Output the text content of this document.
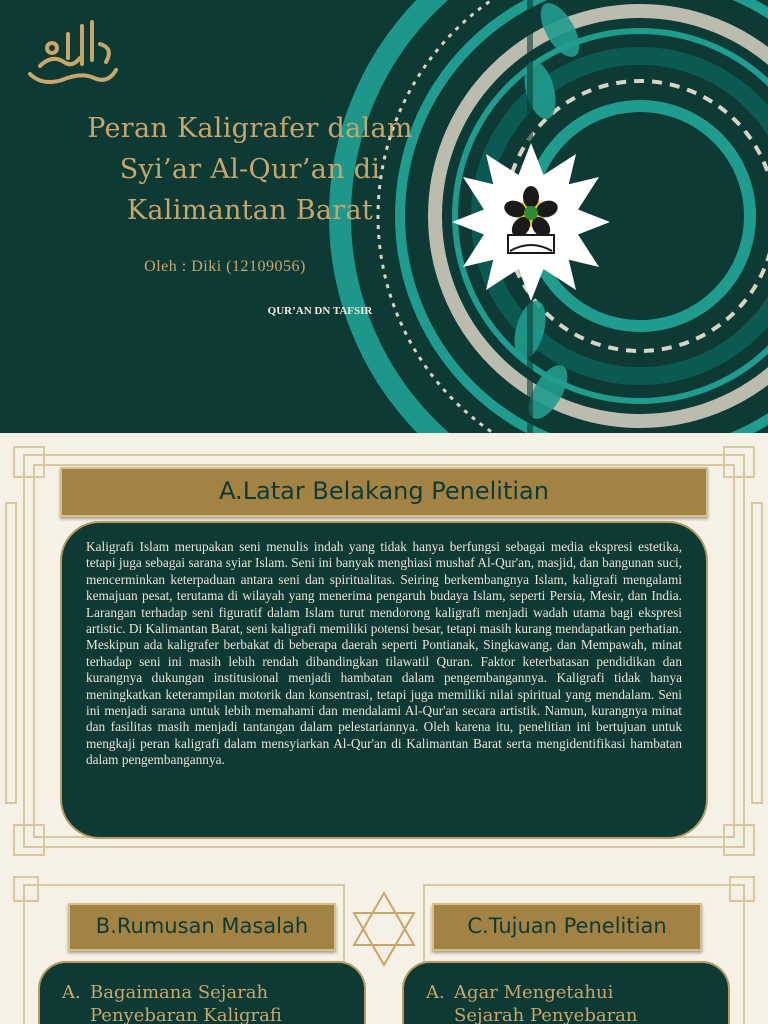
Peran Kaligrafer dalam
Syi’ar Al-Qur’an di
Kalimantan Barat
Oleh : Diki (12109056)
QUR’AN DN TAFSIR
A.Latar Belakang Penelitian

Kaligrafi Islam merupakan seni menulis indah yang tidak hanya berfungsi sebagai media ekspresi estetika, tetapi juga sebagai sarana syiar Islam. Seni ini banyak menghiasi mushaf Al-Qur'an, masjid, dan bangunan suci, mencerminkan keterpaduan antara seni dan spiritualitas. Seiring berkembangnya Islam, kaligrafi mengalami kemajuan pesat, terutama di wilayah yang menerima pengaruh budaya Islam, seperti Persia, Mesir, dan India. Larangan terhadap seni figuratif dalam Islam turut mendorong kaligrafi menjadi wadah utama bagi ekspresi artistic. Di Kalimantan Barat, seni kaligrafi memiliki potensi besar, tetapi masih kurang mendapatkan perhatian. Meskipun ada kaligrafer berbakat di beberapa daerah seperti Pontianak, Singkawang, dan Mempawah, minat terhadap seni ini masih lebih rendah dibandingkan tilawatil Quran. Faktor keterbatasan pendidikan dan kurangnya dukungan institusional menjadi hambatan dalam pengembangannya. Kaligrafi tidak hanya meningkatkan keterampilan motorik dan konsentrasi, tetapi juga memiliki nilai spiritual yang mendalam. Seni ini menjadi sarana untuk lebih memahami dan mendalami Al-Qur'an secara artistik. Namun, kurangnya minat dan fasilitas masih menjadi tantangan dalam pelestariannya. Oleh karena itu, penelitian ini bertujuan untuk mengkaji peran kaligrafi dalam mensyiarkan Al-Qur'an di Kalimantan Barat serta mengidentifikasi hambatan dalam pengembangannya.

B.Rumusan Masalah	C.Tujuan Penelitian
A. Bagaimana Sejarah
Penyebaran Kaligrafi
A. Agar Mengetahui
Sejarah Penyebaran
